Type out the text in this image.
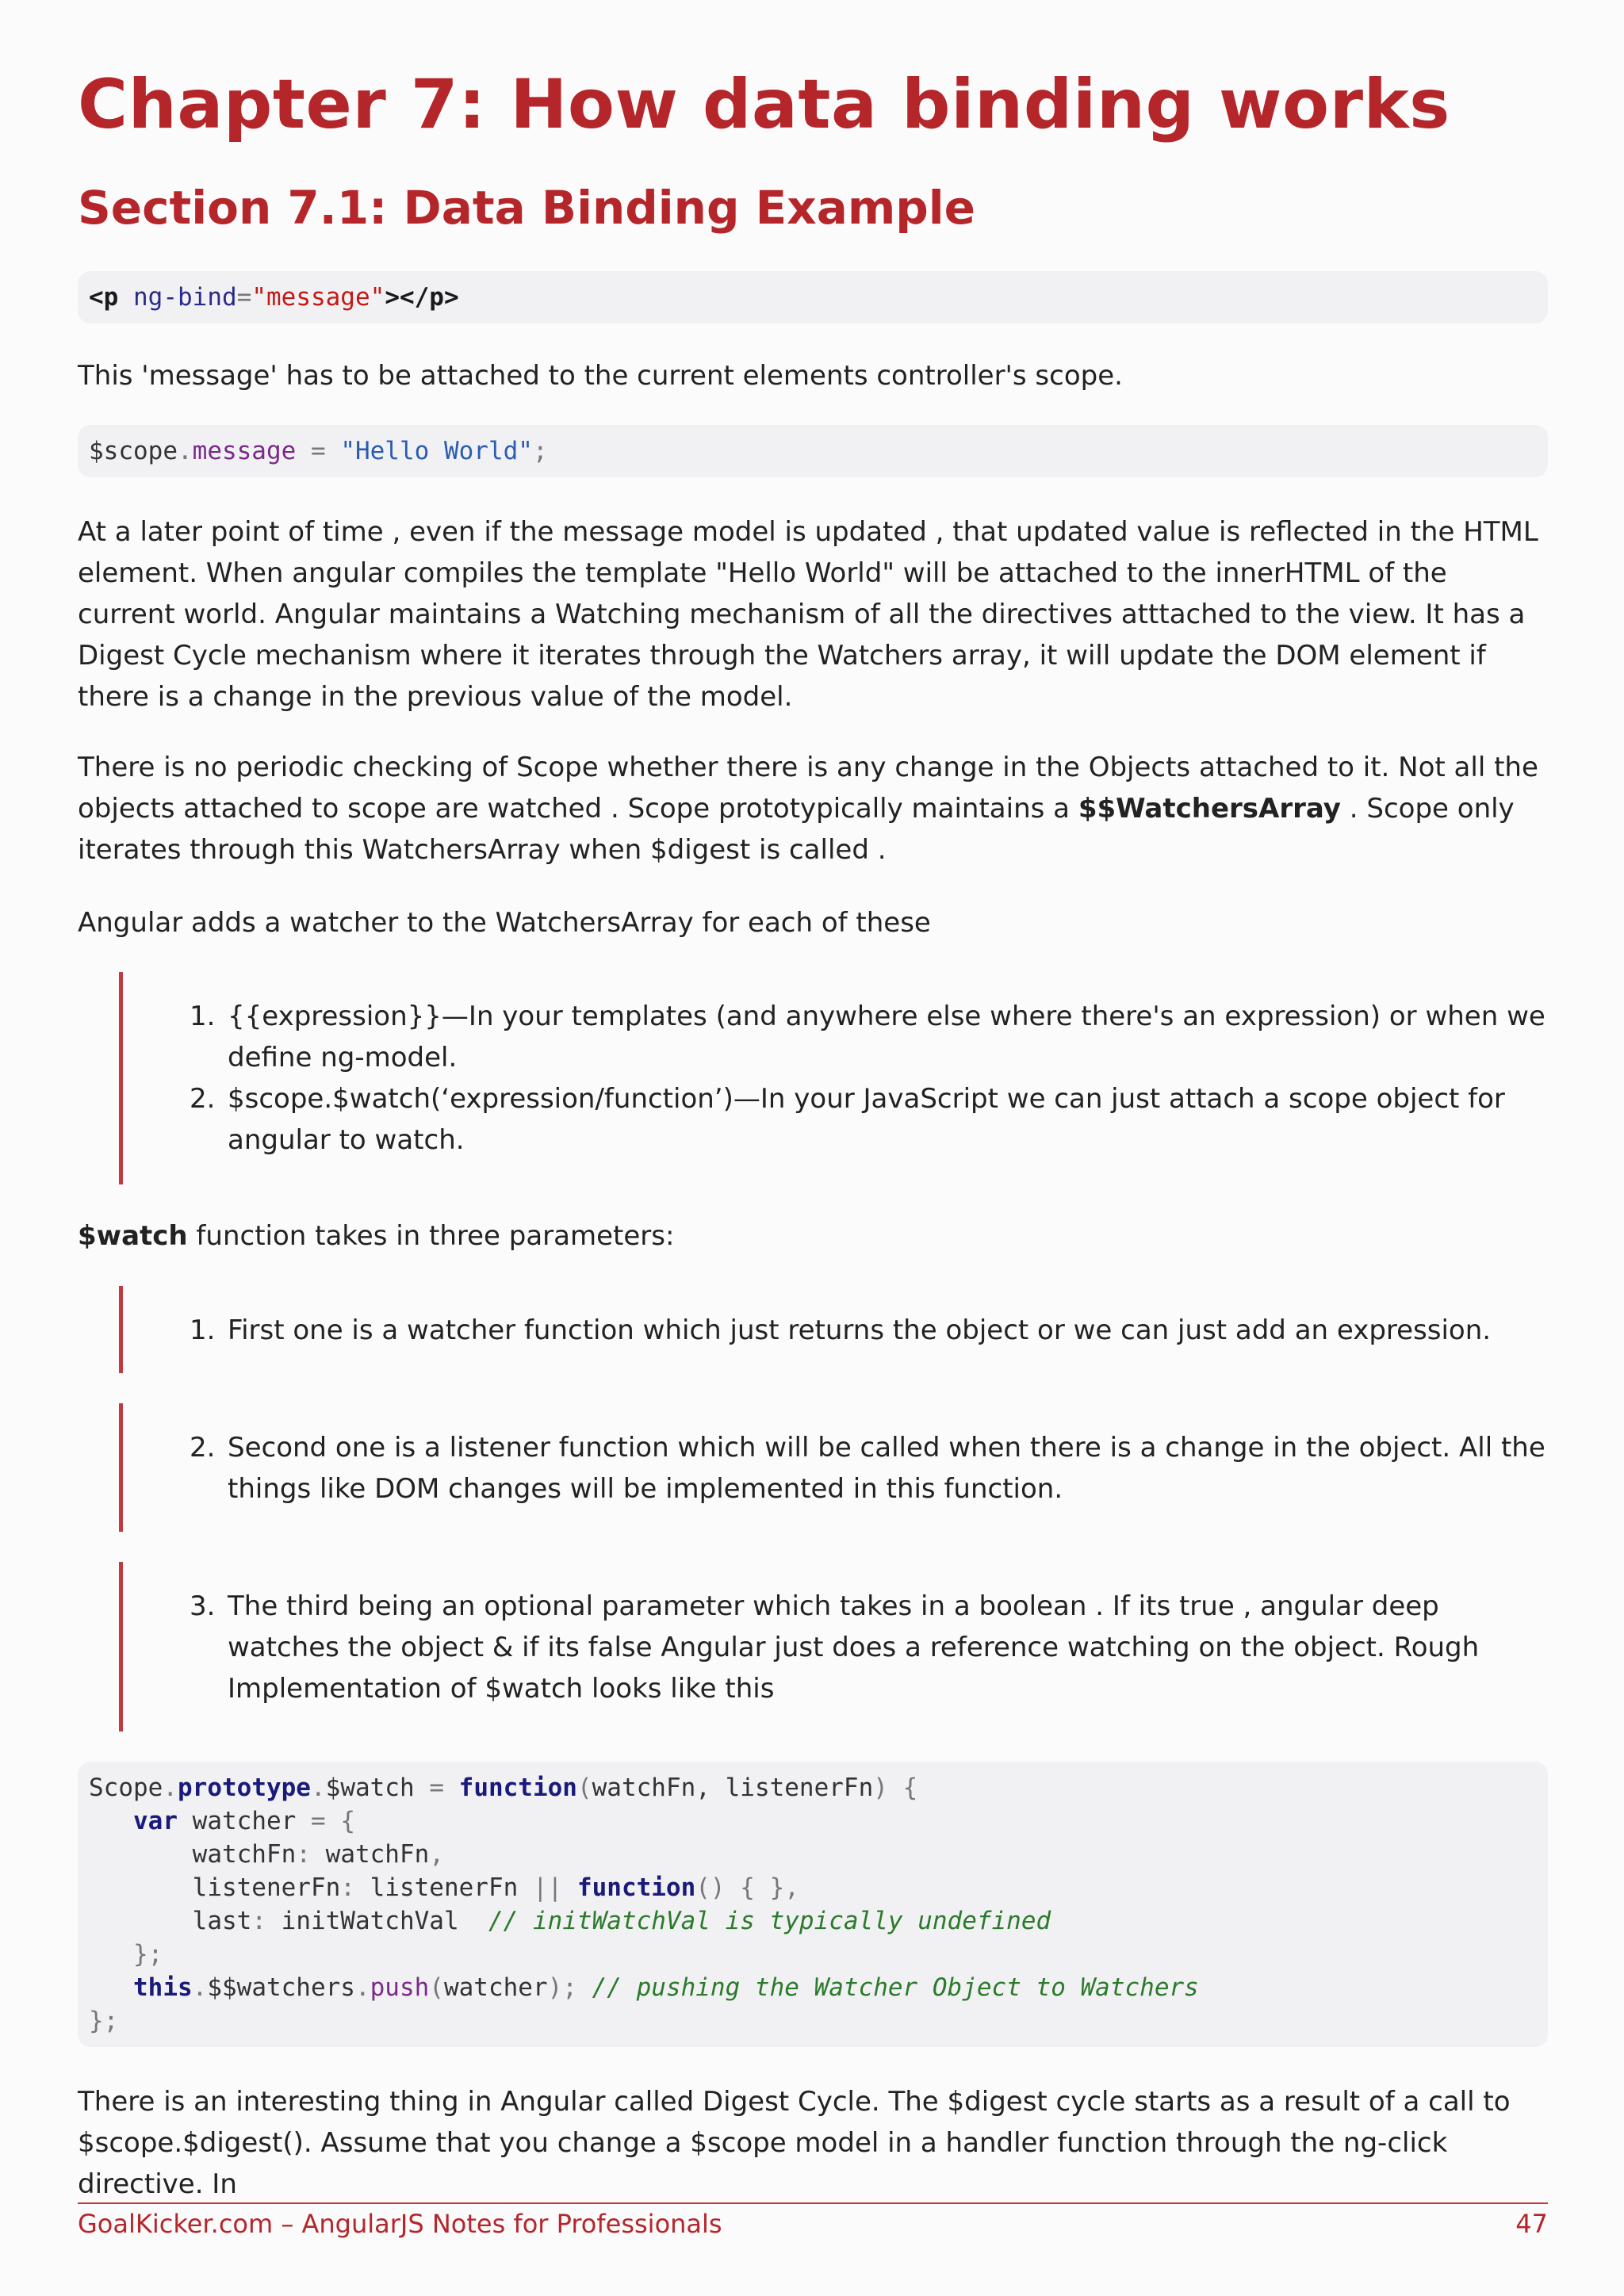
Chapter 7: How data binding works
Section 7.1: Data Binding Example
<p ng-bind="message"></p>

This 'message' has to be attached to the current elements controller's scope.

$scope.message = "Hello World";

At a later point of time , even if the message model is updated , that updated value is reflected in the HTML element. When angular compiles the template "Hello World" will be attached to the innerHTML of the current world. Angular maintains a Watching mechanism of all the directives atttached to the view. It has a Digest Cycle mechanism where it iterates through the Watchers array, it will update the DOM element if there is a change in the previous value of the model.

There is no periodic checking of Scope whether there is any change in the Objects attached to it. Not all the objects attached to scope are watched . Scope prototypically maintains a $$WatchersArray . Scope only iterates through this WatchersArray when $digest is called .

Angular adds a watcher to the WatchersArray for each of these

1. {{expression}}—In your templates (and anywhere else where there's an expression) or when we define ng-model.
2. $scope.$watch(‘expression/function’)—In your JavaScript we can just attach a scope object for angular to watch.

$watch function takes in three parameters:

1. First one is a watcher function which just returns the object or we can just add an expression.
2. Second one is a listener function which will be called when there is a change in the object. All the things like DOM changes will be implemented in this function.
3. The third being an optional parameter which takes in a boolean . If its true , angular deep watches the object & if its false Angular just does a reference watching on the object. Rough Implementation of $watch looks like this
Scope.prototype.$watch = function(watchFn, listenerFn) {
var watcher = {
watchFn: watchFn,
listenerFn: listenerFn || function() { },
last: initWatchVal // initWatchVal is typically undefined
};
this.$$watchers.push(watcher); // pushing the Watcher Object to Watchers
};

There is an interesting thing in Angular called Digest Cycle. The $digest cycle starts as a result of a call to $scope.$digest(). Assume that you change a $scope model in a handler function through the ng-click directive. In

GoalKicker.com – AngularJS Notes for Professionals	47
